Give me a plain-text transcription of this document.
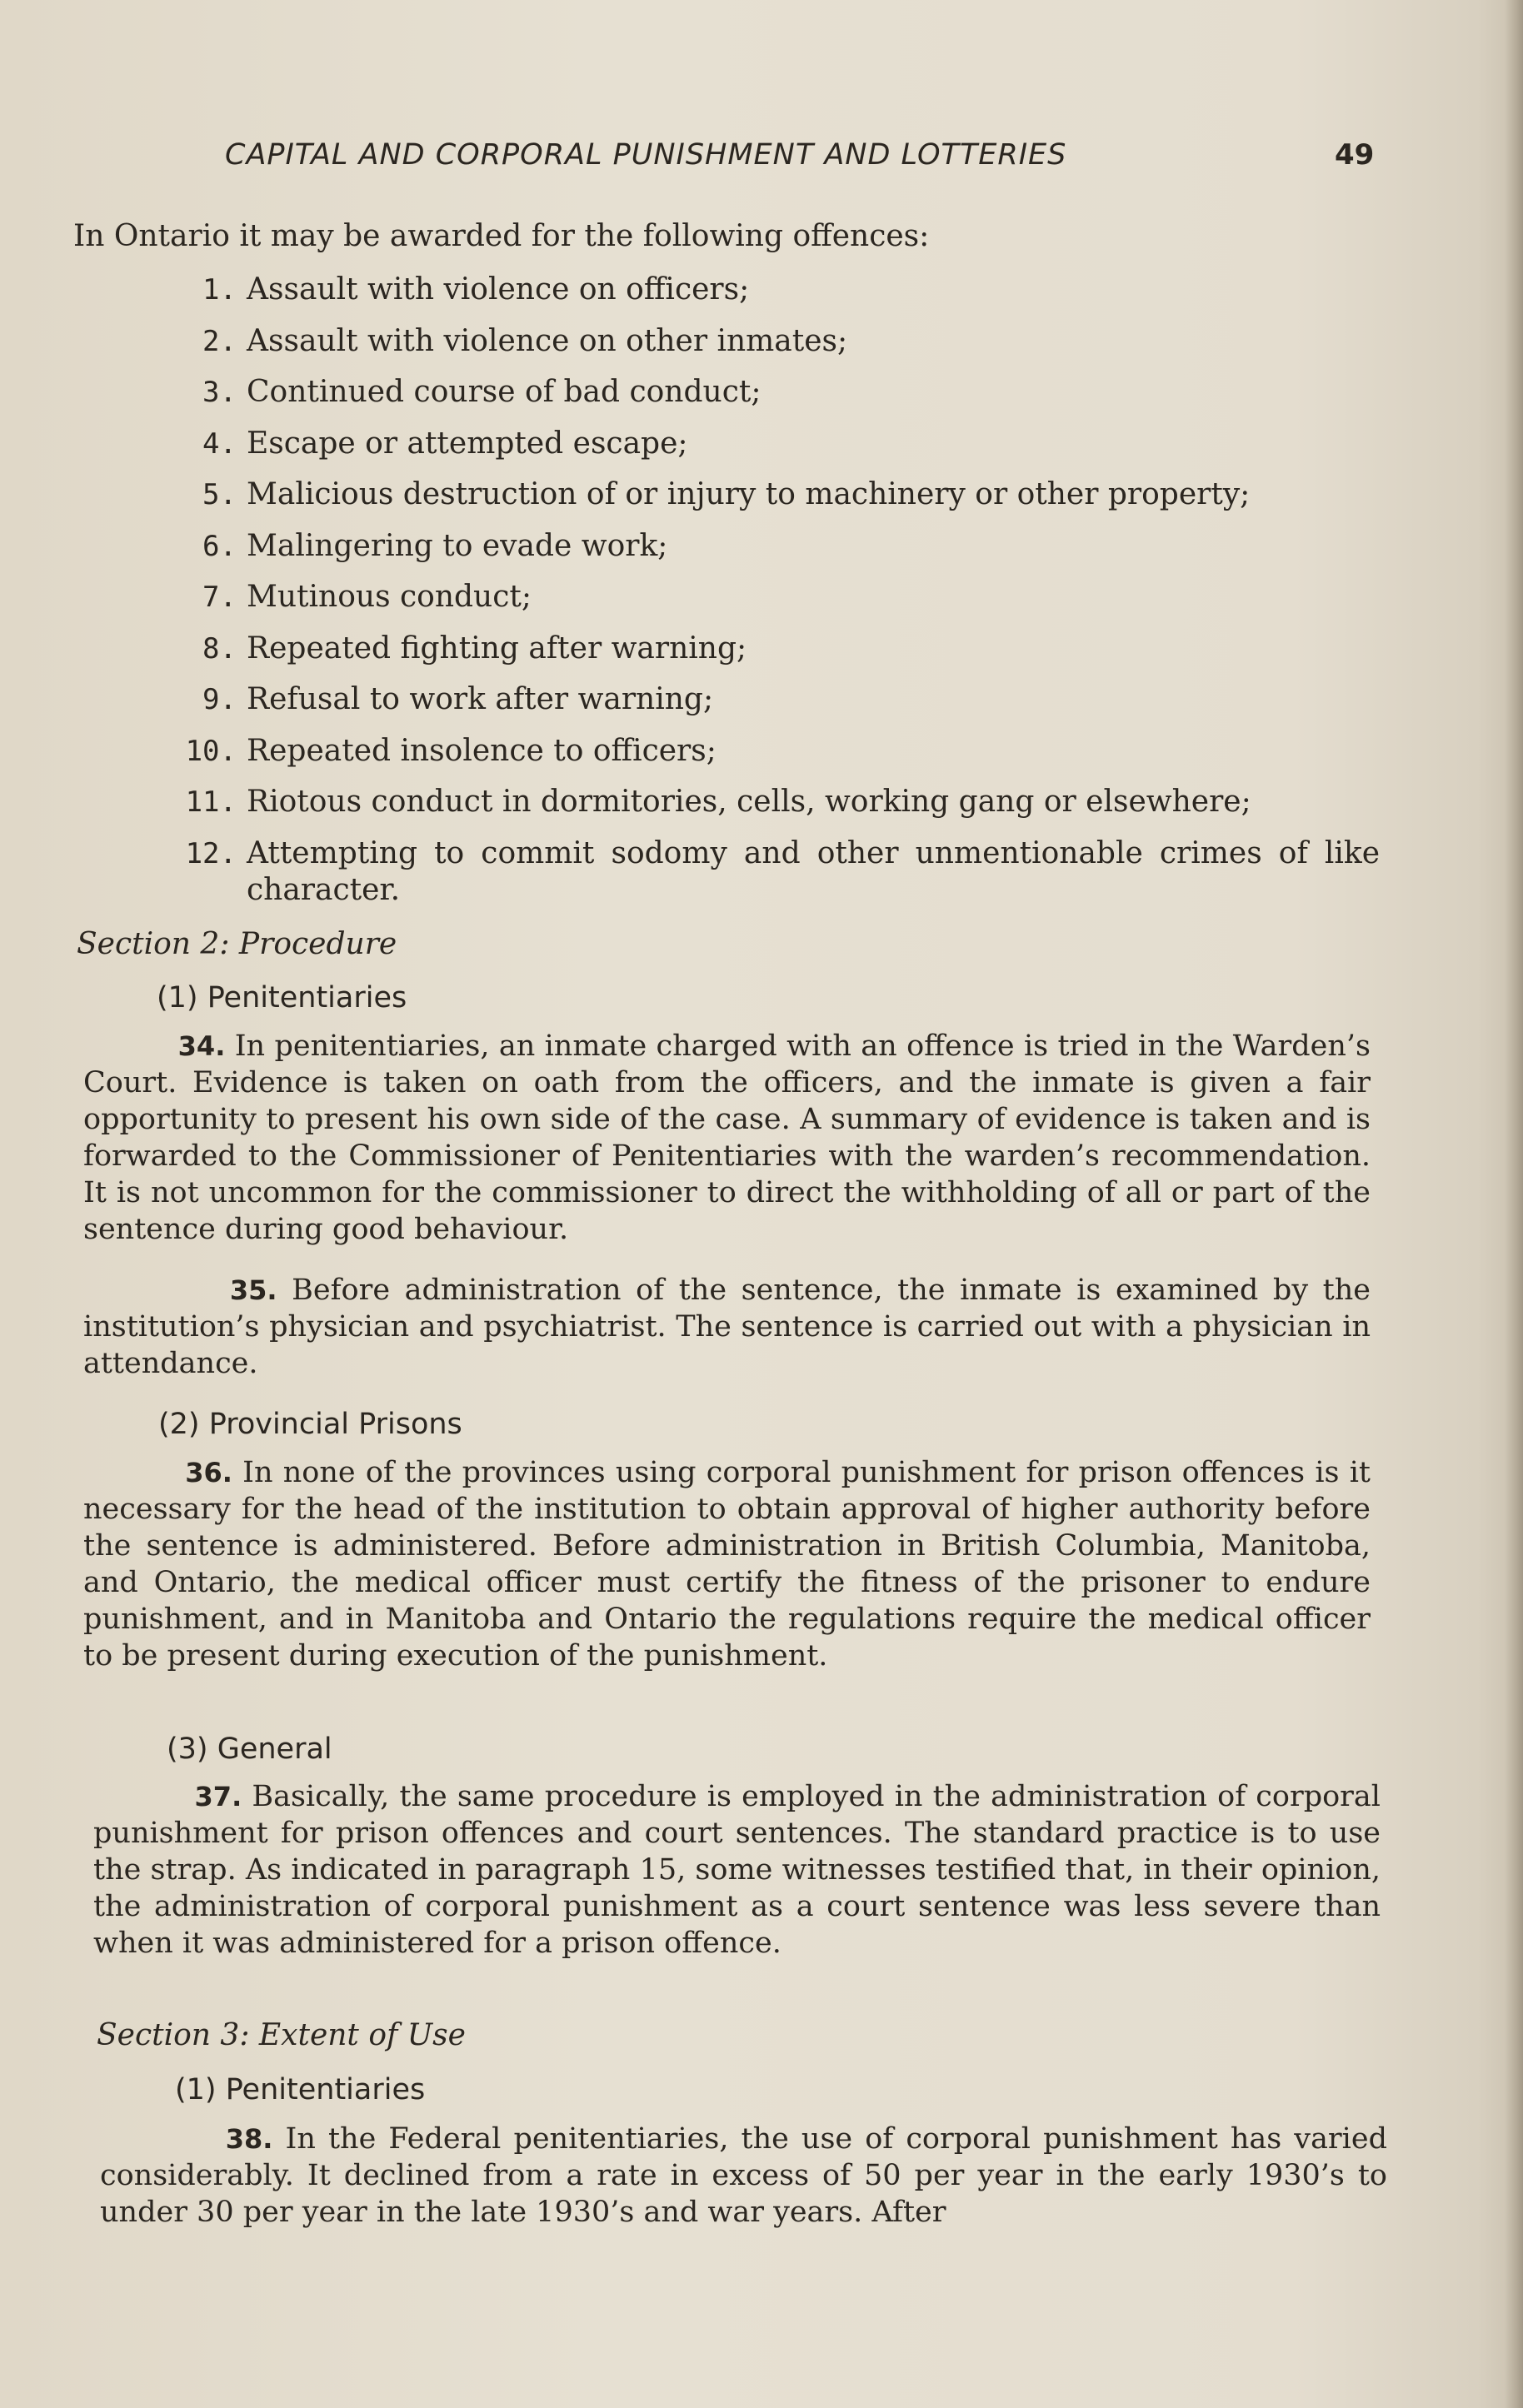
CAPITAL AND CORPORAL PUNISHMENT AND LOTTERIES	49
In Ontario it may be awarded for the following offences:
1. Assault with violence on officers;
2. Assault with violence on other inmates;
3. Continued course of bad conduct;
4. Escape or attempted escape;
5. Malicious destruction of or injury to machinery or other property;
6. Malingering to evade work;
7. Mutinous conduct;
8. Repeated fighting after warning;
9. Refusal to work after warning;
10. Repeated insolence to officers;
11. Riotous conduct in dormitories, cells, working gang or elsewhere;
12. Attempting to commit sodomy and other unmentionable crimes of like character.
Section 2: Procedure
(1) Penitentiaries
34. In penitentiaries, an inmate charged with an offence is tried in the Warden’s Court. Evidence is taken on oath from the officers, and the inmate is given a fair opportunity to present his own side of the case. A summary of evidence is taken and is forwarded to the Commissioner of Penitentiaries with the warden’s recommendation. It is not uncommon for the commissioner to direct the withholding of all or part of the sentence during good behaviour.
35. Before administration of the sentence, the inmate is examined by the institution’s physician and psychiatrist. The sentence is carried out with a physician in attendance.
(2) Provincial Prisons
36. In none of the provinces using corporal punishment for prison offences is it necessary for the head of the institution to obtain approval of higher authority before the sentence is administered. Before administration in British Columbia, Manitoba, and Ontario, the medical officer must certify the fitness of the prisoner to endure punishment, and in Manitoba and Ontario the regulations require the medical officer to be present during execution of the punishment.
(3) General
37. Basically, the same procedure is employed in the administration of corporal punishment for prison offences and court sentences. The standard practice is to use the strap. As indicated in paragraph 15, some witnesses testified that, in their opinion, the administration of corporal punishment as a court sentence was less severe than when it was administered for a prison offence.
Section 3: Extent of Use
(1) Penitentiaries
38. In the Federal penitentiaries, the use of corporal punishment has varied considerably. It declined from a rate in excess of 50 per year in the early 1930’s to under 30 per year in the late 1930’s and war years. After
